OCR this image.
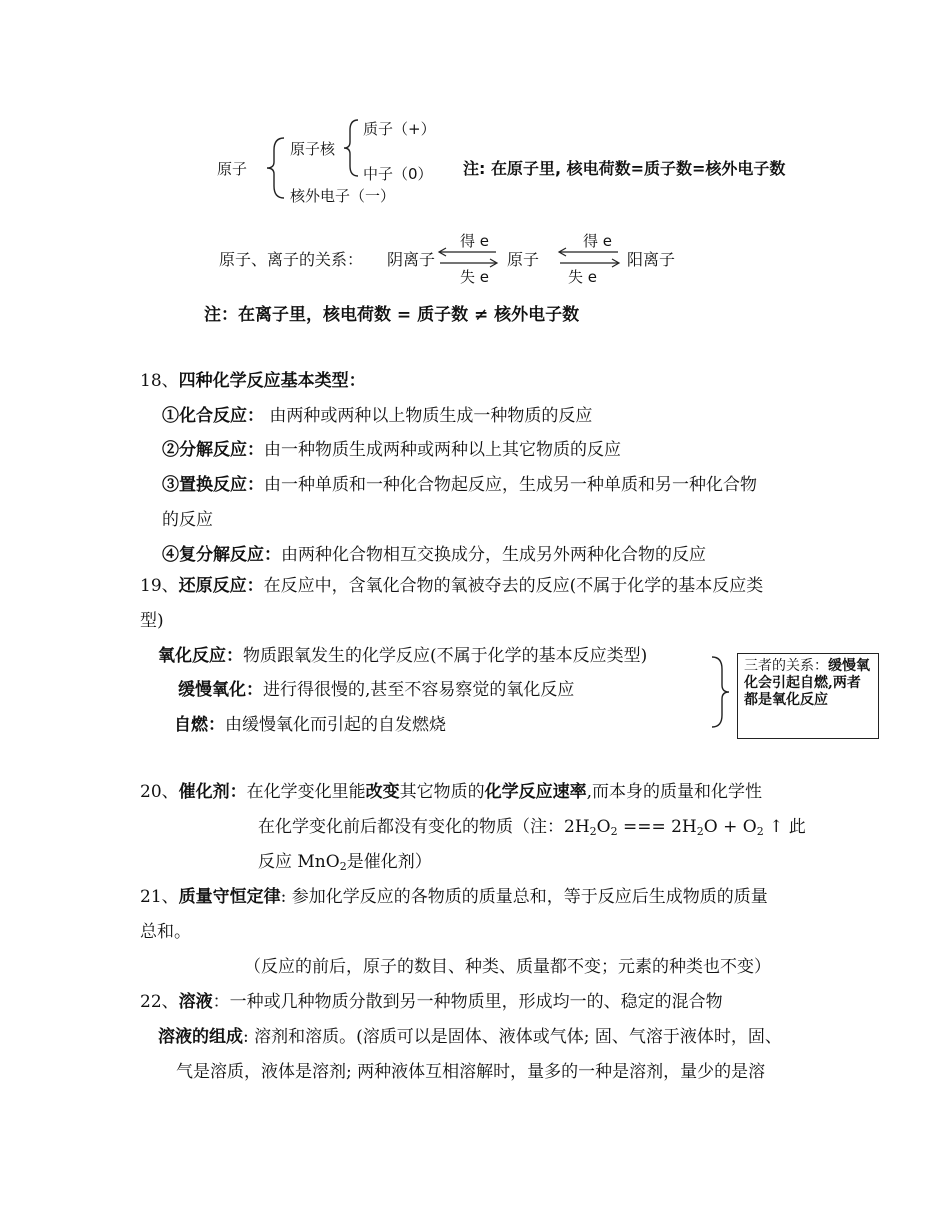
原子
原子核
质子（+）
中子（0）
核外电子（一）
注: 在原子里, 核电荷数=质子数=核外电子数
原子、离子的关系： 阴离子
得 e
失 e
原子
得 e
失 e
阳离子
注：在离子里，核电荷数 = 质子数 ≠ 核外电子数
18、四种化学反应基本类型：
①化合反应： 由两种或两种以上物质生成一种物质的反应
②分解反应：由一种物质生成两种或两种以上其它物质的反应
③置换反应：由一种单质和一种化合物起反应，生成另一种单质和另一种化合物
的反应
④复分解反应：由两种化合物相互交换成分，生成另外两种化合物的反应
19、还原反应：在反应中，含氧化合物的氧被夺去的反应(不属于化学的基本反应类
型)
氧化反应：物质跟氧发生的化学反应(不属于化学的基本反应类型)
缓慢氧化：进行得很慢的,甚至不容易察觉的氧化反应
自燃：由缓慢氧化而引起的自发燃烧
三者的关系：缓慢氧化会引起自燃,两者都是氧化反应
20、催化剂：在化学变化里能改变其它物质的化学反应速率,而本身的质量和化学性
在化学变化前后都没有变化的物质（注：$2H_2O_2$ === $2H_2O + O_2$ ↑ 此
反应 MnO$_2$是催化剂）
21、质量守恒定律: 参加化学反应的各物质的质量总和，等于反应后生成物质的质量
总和。
（反应的前后，原子的数目、种类、质量都不变；元素的种类也不变）
22、溶液：一种或几种物质分散到另一种物质里，形成均一的、稳定的混合物
溶液的组成: 溶剂和溶质。(溶质可以是固体、液体或气体; 固、气溶于液体时，固、
气是溶质，液体是溶剂; 两种液体互相溶解时，量多的一种是溶剂，量少的是溶
